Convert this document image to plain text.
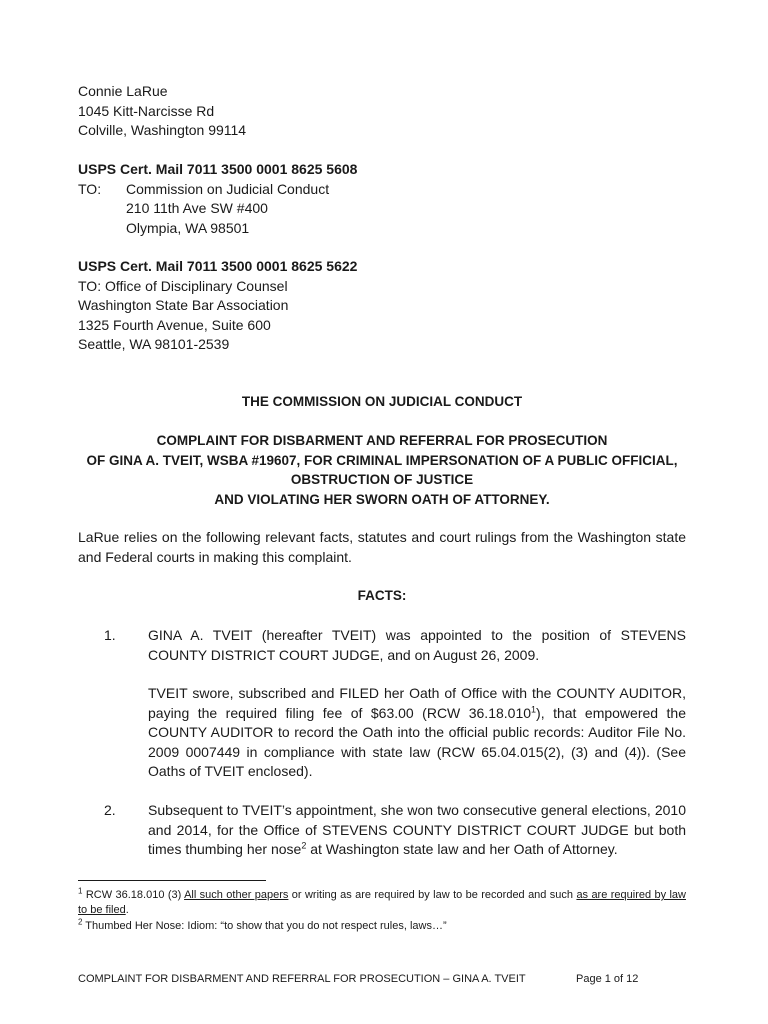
Connie LaRue
1045 Kitt-Narcisse Rd
Colville, Washington 99114
USPS Cert. Mail 7011 3500 0001 8625 5608
TO:	Commission on Judicial Conduct
210 11th Ave SW #400
Olympia, WA 98501
USPS Cert. Mail 7011 3500 0001 8625 5622
TO: Office of Disciplinary Counsel
Washington State Bar Association
1325 Fourth Avenue, Suite 600
Seattle, WA 98101-2539
THE COMMISSION ON JUDICIAL CONDUCT
COMPLAINT FOR DISBARMENT AND REFERRAL FOR PROSECUTION
OF GINA A. TVEIT, WSBA #19607, FOR CRIMINAL IMPERSONATION OF A PUBLIC OFFICIAL,
OBSTRUCTION OF JUSTICE
AND VIOLATING HER SWORN OATH OF ATTORNEY.
LaRue relies on the following relevant facts, statutes and court rulings from the Washington state and Federal courts in making this complaint.
FACTS:
1. GINA A. TVEIT (hereafter TVEIT) was appointed to the position of STEVENS COUNTY DISTRICT COURT JUDGE, and on August 26, 2009.
TVEIT swore, subscribed and FILED her Oath of Office with the COUNTY AUDITOR, paying the required filing fee of $63.00 (RCW 36.18.010$^1$), that empowered the COUNTY AUDITOR to record the Oath into the official public records: Auditor File No. 2009 0007449 in compliance with state law (RCW 65.04.015(2), (3) and (4)). (See Oaths of TVEIT enclosed).
2. Subsequent to TVEIT’s appointment, she won two consecutive general elections, 2010 and 2014, for the Office of STEVENS COUNTY DISTRICT COURT JUDGE but both times thumbing her nose$^2$ at Washington state law and her Oath of Attorney.
$^1$ RCW 36.18.010 (3) All such other papers or writing as are required by law to be recorded and such as are required by law to be filed.
$^2$ Thumbed Her Nose: Idiom: “to show that you do not respect rules, laws…”
COMPLAINT FOR DISBARMENT AND REFERRAL FOR PROSECUTION – GINA A. TVEIT	Page 1 of 12
